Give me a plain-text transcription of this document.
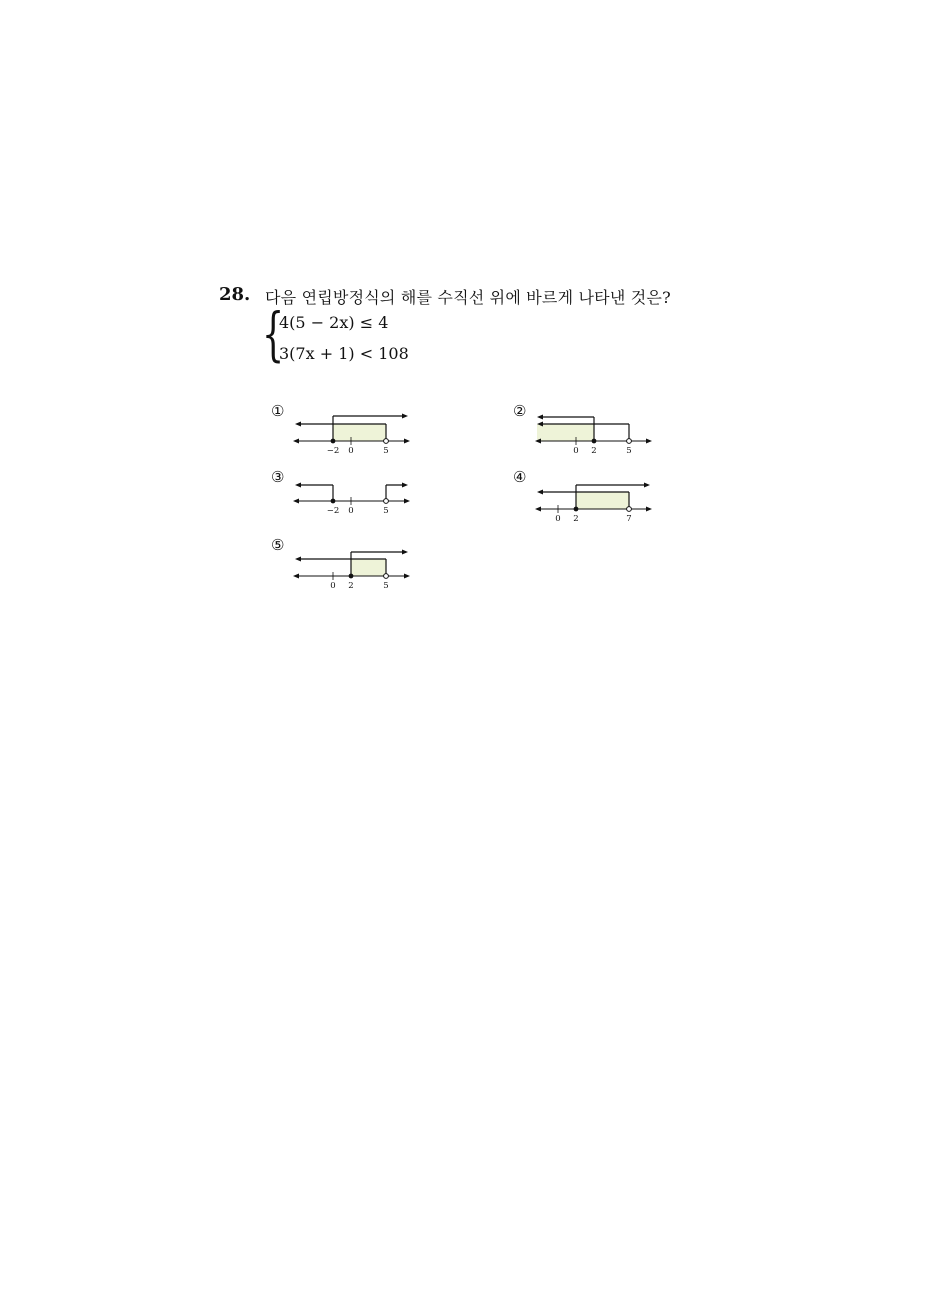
28. 다음 연립방정식의 해를 수직선 위에 바르게 나타낸 것은?
{
4(5 − 2x) ≤ 4
3(7x + 1) < 108
①
−2 0	5
②
0 2	5
③
−2 0	5
④
0 2	7
⑤
0 2	5
